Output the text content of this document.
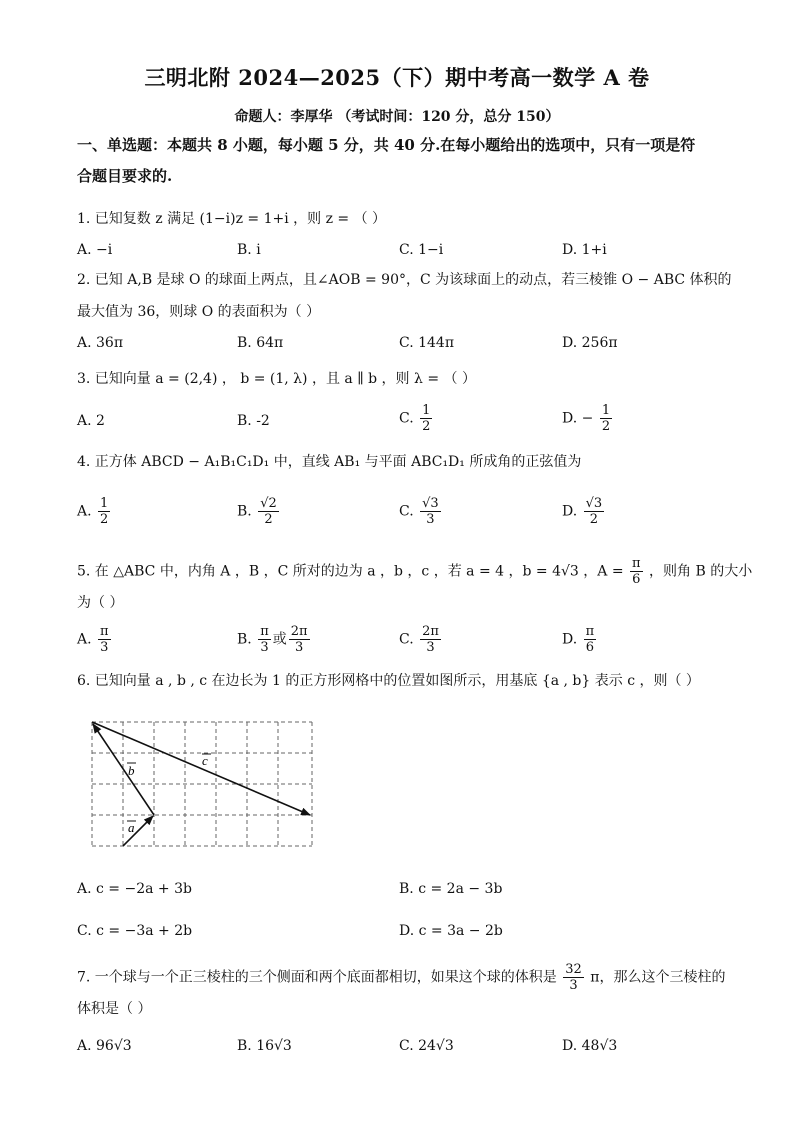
三明北附 2024—2025（下）期中考高一数学 A 卷
命题人：李厚华 （考试时间：120 分，总分 150）
一、单选题：本题共 8 小题，每小题 5 分，共 40 分.在每小题给出的选项中，只有一项是符
合题目要求的.
1. 已知复数 z 满足 (1−i)z = 1+i ，则 z = （ ）
A. −i	B. i	C. 1−i	D. 1+i
2. 已知 A,B 是球 O 的球面上两点，且∠AOB = 90°，C 为该球面上的动点，若三棱锥 O − ABC 体积的
最大值为 36，则球 O 的表面积为（ ）
A. 36π	B. 64π	C. 144π	D. 256π
3. 已知向量 a = (2,4) ， b = (1, λ) ，且 a ∥ b ，则 λ = （ ）
A. 2	B. -2	C. $\frac{1}{2}$	D. − $\frac{1}{2}$
4. 正方体 ABCD − A₁B₁C₁D₁ 中，直线 AB₁ 与平面 ABC₁D₁ 所成角的正弦值为
A. $\frac{1}{2}$	B. $\frac{√2}{2}$	C. $\frac{√3}{3}$	D. $\frac{√3}{2}$
5. 在 △ABC 中，内角 A ，B ，C 所对的边为 a ，b ，c ，若 a = 4 ，b = 4√3 ，$A = \frac{\pi}{6}$ ，则角 B 的大小
为（ ）
A. $\frac{\pi}{3}$	B. $\frac{\pi}{3}$ 或 $\frac{2\pi}{3}$	C. $\frac{2\pi}{3}$	D. $\frac{\pi}{6}$
6. 已知向量 a , b , c 在边长为 1 的正方形网格中的位置如图所示，用基底 {a , b} 表示 c ，则（ ）
c
b
a
A. c = −2a + 3b	B. c = 2a − 3b
C. c = −3a + 2b	D. c = 3a − 2b
7. 一个球与一个正三棱柱的三个侧面和两个底面都相切，如果这个球的体积是 $\frac{32}{3}$ π，那么这个三棱柱的
体积是（ ）
A. 96√3	B. 16√3	C. 24√3	D. 48√3
